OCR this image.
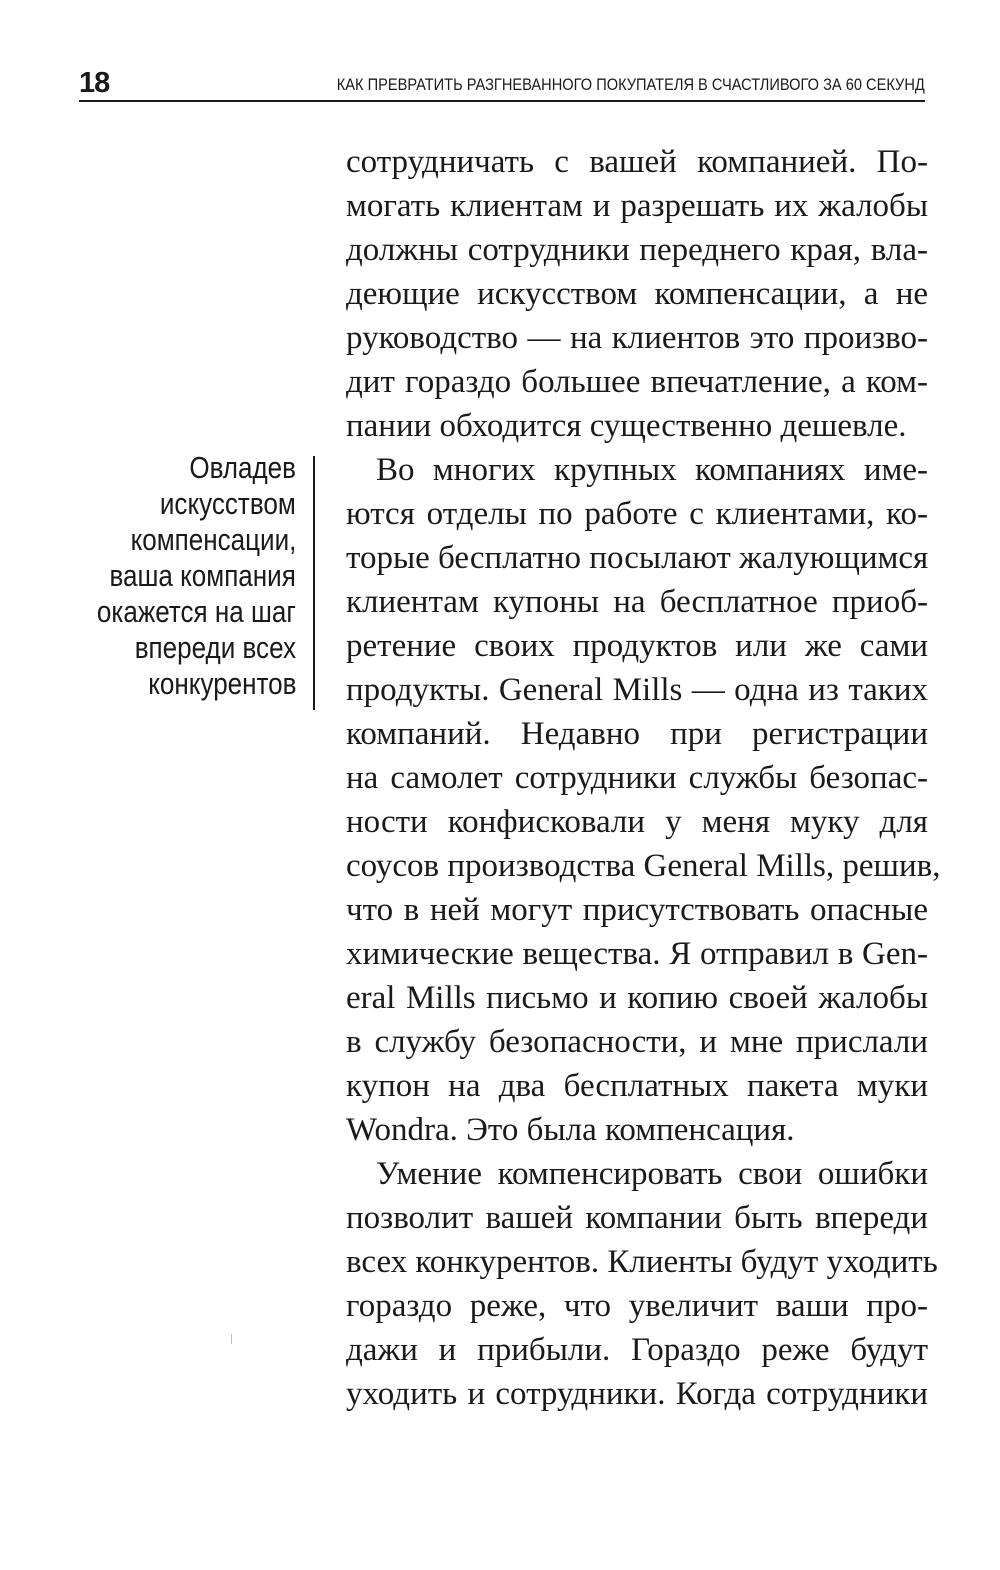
18	КАК ПРЕВРАТИТЬ РАЗГНЕВАННОГО ПОКУПАТЕЛЯ В СЧАСТЛИВОГО ЗА 60 СЕКУНД
Овладев
искусством
компенсации,
ваша компания
окажется на шаг
впереди всех
конкурентов
сотрудничать с вашей компанией. По-
могать клиентам и разрешать их жалобы
должны сотрудники переднего края, вла-
деющие искусством компенсации, а не
руководство — на клиентов это произво-
дит гораздо большее впечатление, а ком-
пании обходится существенно дешевле.
Во многих крупных компаниях име-
ются отделы по работе с клиентами, ко-
торые бесплатно посылают жалующимся
клиентам купоны на бесплатное приоб-
ретение своих продуктов или же сами
продукты. General Mills — одна из таких
компаний. Недавно при регистрации
на самолет сотрудники службы безопас-
ности конфисковали у меня муку для
соусов производства General Mills, решив,
что в ней могут присутствовать опасные
химические вещества. Я отправил в Gen-
eral Mills письмо и копию своей жалобы
в службу безопасности, и мне прислали
купон на два бесплатных пакета муки
Wondra. Это была компенсация.
Умение компенсировать свои ошибки
позволит вашей компании быть впереди
всех конкурентов. Клиенты будут уходить
гораздо реже, что увеличит ваши про-
дажи и прибыли. Гораздо реже будут
уходить и сотрудники. Когда сотрудники
